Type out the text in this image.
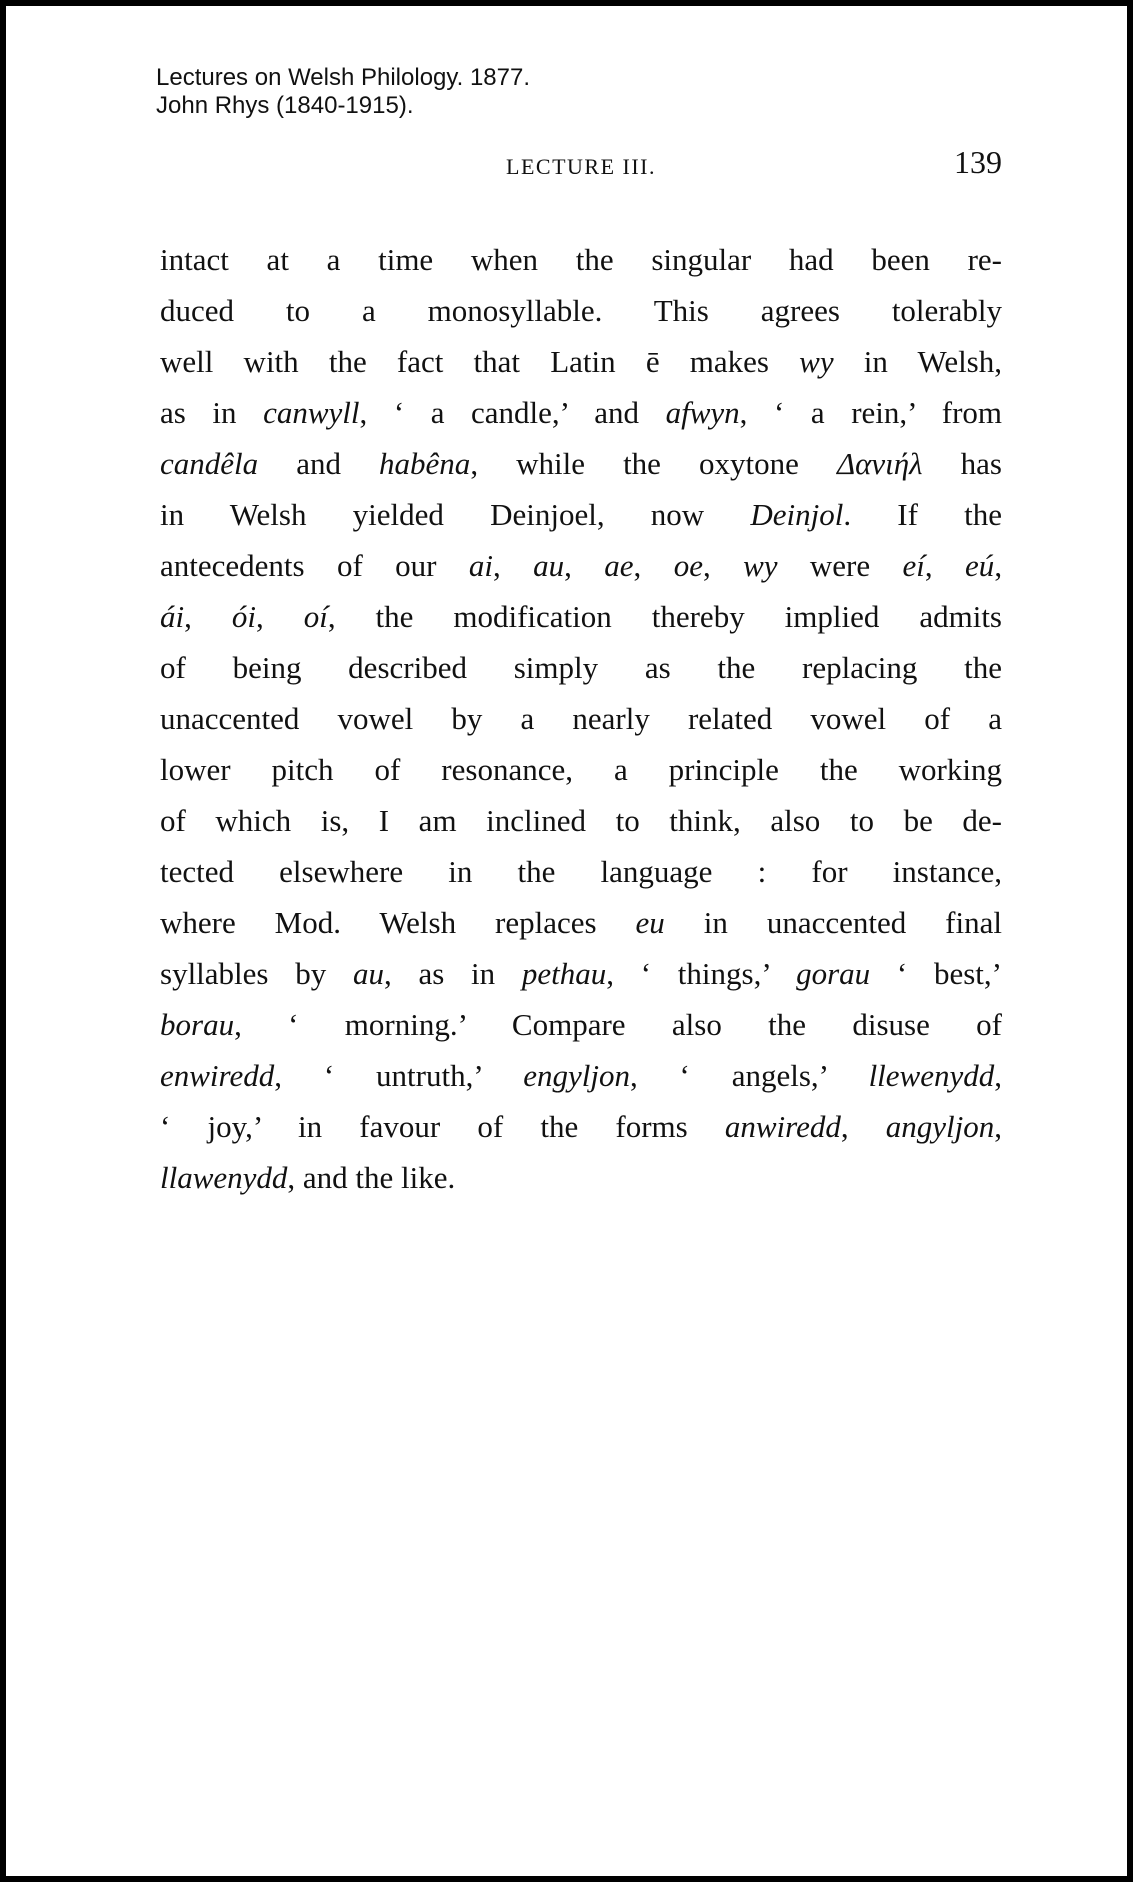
Lectures on Welsh Philology. 1877.
John Rhys (1840-1915).
LECTURE III.	139
intact at a time when the singular had been re-
duced to a monosyllable. This agrees tolerably
well with the fact that Latin ē makes wy in Welsh,
as in canwyll, ‘ a candle,’ and afwyn, ‘ a rein,’ from
candêla and habêna, while the oxytone Δανιήλ has
in Welsh yielded Deinjoel, now Deinjol. If the
antecedents of our ai, au, ae, oe, wy were eí, eú,
ái, ói, oí, the modification thereby implied admits
of being described simply as the replacing the
unaccented vowel by a nearly related vowel of a
lower pitch of resonance, a principle the working
of which is, I am inclined to think, also to be de-
tected elsewhere in the language : for instance,
where Mod. Welsh replaces eu in unaccented final
syllables by au, as in pethau, ‘ things,’ gorau ‘ best,’
borau, ‘ morning.’ Compare also the disuse of
enwiredd, ‘ untruth,’ engyljon, ‘ angels,’ llewenydd,
‘ joy,’ in favour of the forms anwiredd, angyljon,
llawenydd, and the like.
